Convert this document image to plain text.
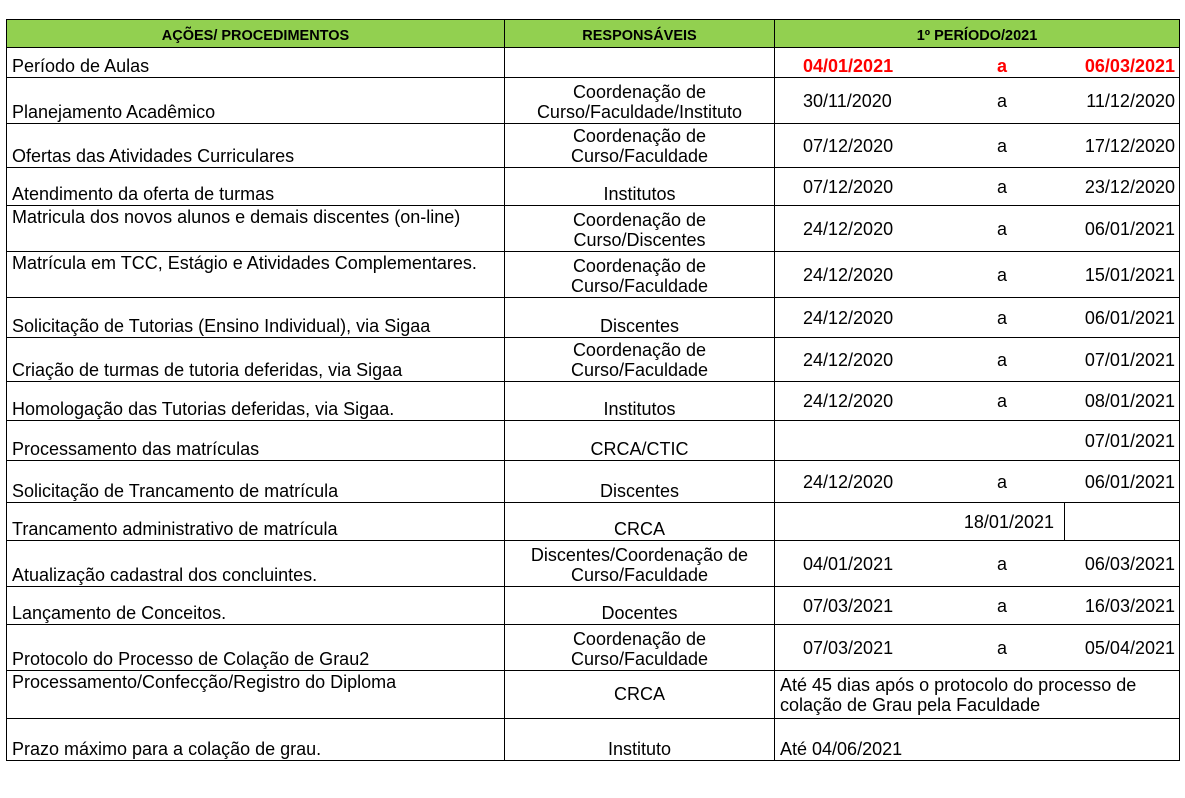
AÇÕES/ PROCEDIMENTOS	RESPONSÁVEIS	1º PERÍODO/2021		
Período de Aulas		04/01/2021	a	06/03/2021
Planejamento Acadêmico	Coordenação de Curso/Faculdade/Instituto	30/11/2020	a	11/12/2020
Ofertas das Atividades Curriculares	Coordenação de Curso/Faculdade	07/12/2020	a	17/12/2020
Atendimento da oferta de turmas	Institutos	07/12/2020	a	23/12/2020
Matricula dos novos alunos e demais discentes (on-line)	Coordenação de Curso/Discentes	24/12/2020	a	06/01/2021
Matrícula em TCC, Estágio e Atividades Complementares.	Coordenação de Curso/Faculdade	24/12/2020	a	15/01/2021
Solicitação de Tutorias (Ensino Individual), via Sigaa	Discentes	24/12/2020	a	06/01/2021
Criação de turmas de tutoria deferidas, via Sigaa	Coordenação de Curso/Faculdade	24/12/2020	a	07/01/2021
Homologação das Tutorias deferidas, via Sigaa.	Institutos	24/12/2020	a	08/01/2021
Processamento das matrículas	CRCA/CTIC			07/01/2021
Solicitação de Trancamento de matrícula	Discentes	24/12/2020	a	06/01/2021
Trancamento administrativo de matrícula	CRCA	18/01/2021		
Atualização cadastral dos concluintes.	Discentes/Coordenação de Curso/Faculdade	04/01/2021	a	06/03/2021
Lançamento de Conceitos.	Docentes	07/03/2021	a	16/03/2021
Protocolo do Processo de Colação de Grau2	Coordenação de Curso/Faculdade	07/03/2021	a	05/04/2021
Processamento/Confecção/Registro do Diploma	CRCA	Até 45 dias após o protocolo do processo de colação de Grau pela Faculdade		
Prazo máximo para a colação de grau.	Instituto	Até 04/06/2021		
